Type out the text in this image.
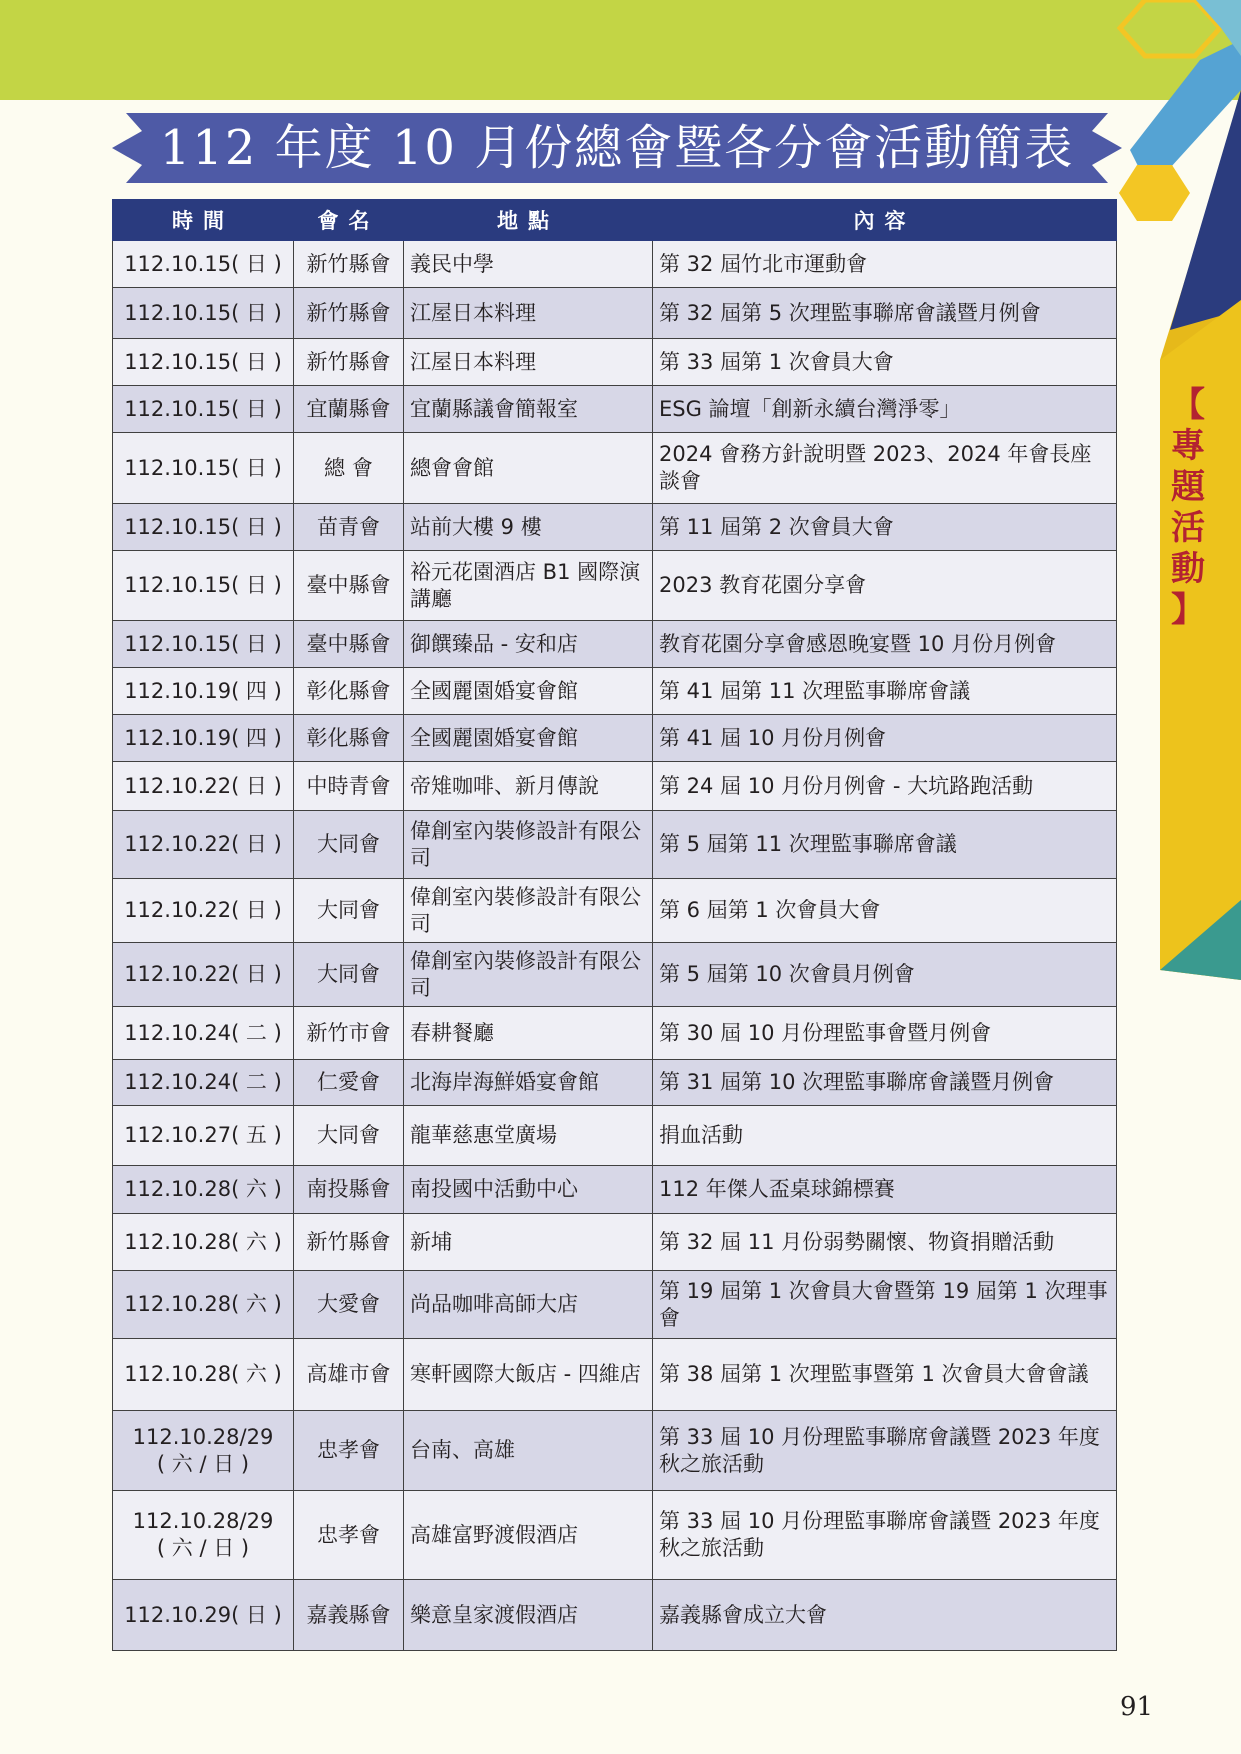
112 年度 10 月份總會暨各分會活動簡表
【
專
題
活
動
】
時間	會名	地點	內容
112.10.15( 日 )	新竹縣會	義民中學	第 32 屆竹北市運動會
112.10.15( 日 )	新竹縣會	江屋日本料理	第 32 屆第 5 次理監事聯席會議暨月例會
112.10.15( 日 )	新竹縣會	江屋日本料理	第 33 屆第 1 次會員大會
112.10.15( 日 )	宜蘭縣會	宜蘭縣議會簡報室	ESG 論壇「創新永續台灣淨零」
112.10.15( 日 )	總 會	總會會館	2024 會務方針說明暨 2023、2024 年會長座談會
112.10.15( 日 )	苗青會	站前大樓 9 樓	第 11 屆第 2 次會員大會
112.10.15( 日 )	臺中縣會	裕元花園酒店 B1 國際演講廳	2023 教育花園分享會
112.10.15( 日 )	臺中縣會	御饌臻品 - 安和店	教育花園分享會感恩晚宴暨 10 月份月例會
112.10.19( 四 )	彰化縣會	全國麗園婚宴會館	第 41 屆第 11 次理監事聯席會議
112.10.19( 四 )	彰化縣會	全國麗園婚宴會館	第 41 屆 10 月份月例會
112.10.22( 日 )	中時青會	帝雉咖啡、新月傳說	第 24 屆 10 月份月例會 - 大坑路跑活動
112.10.22( 日 )	大同會	偉創室內裝修設計有限公司	第 5 屆第 11 次理監事聯席會議
112.10.22( 日 )	大同會	偉創室內裝修設計有限公司	第 6 屆第 1 次會員大會
112.10.22( 日 )	大同會	偉創室內裝修設計有限公司	第 5 屆第 10 次會員月例會
112.10.24( 二 )	新竹市會	春耕餐廳	第 30 屆 10 月份理監事會暨月例會
112.10.24( 二 )	仁愛會	北海岸海鮮婚宴會館	第 31 屆第 10 次理監事聯席會議暨月例會
112.10.27( 五 )	大同會	龍華慈惠堂廣場	捐血活動
112.10.28( 六 )	南投縣會	南投國中活動中心	112 年傑人盃桌球錦標賽
112.10.28( 六 )	新竹縣會	新埔	第 32 屆 11 月份弱勢關懷、物資捐贈活動
112.10.28( 六 )	大愛會	尚品咖啡高師大店	第 19 屆第 1 次會員大會暨第 19 屆第 1 次理事會
112.10.28( 六 )	高雄市會	寒軒國際大飯店 - 四維店	第 38 屆第 1 次理監事暨第 1 次會員大會會議

112.10.28/29
( 六 / 日 )	忠孝會	台南、高雄	第 33 屆 10 月份理監事聯席會議暨 2023 年度秋之旅活動

112.10.28/29
( 六 / 日 )	忠孝會	高雄富野渡假酒店	第 33 屆 10 月份理監事聯席會議暨 2023 年度秋之旅活動
112.10.29( 日 )	嘉義縣會	樂意皇家渡假酒店	嘉義縣會成立大會
91
